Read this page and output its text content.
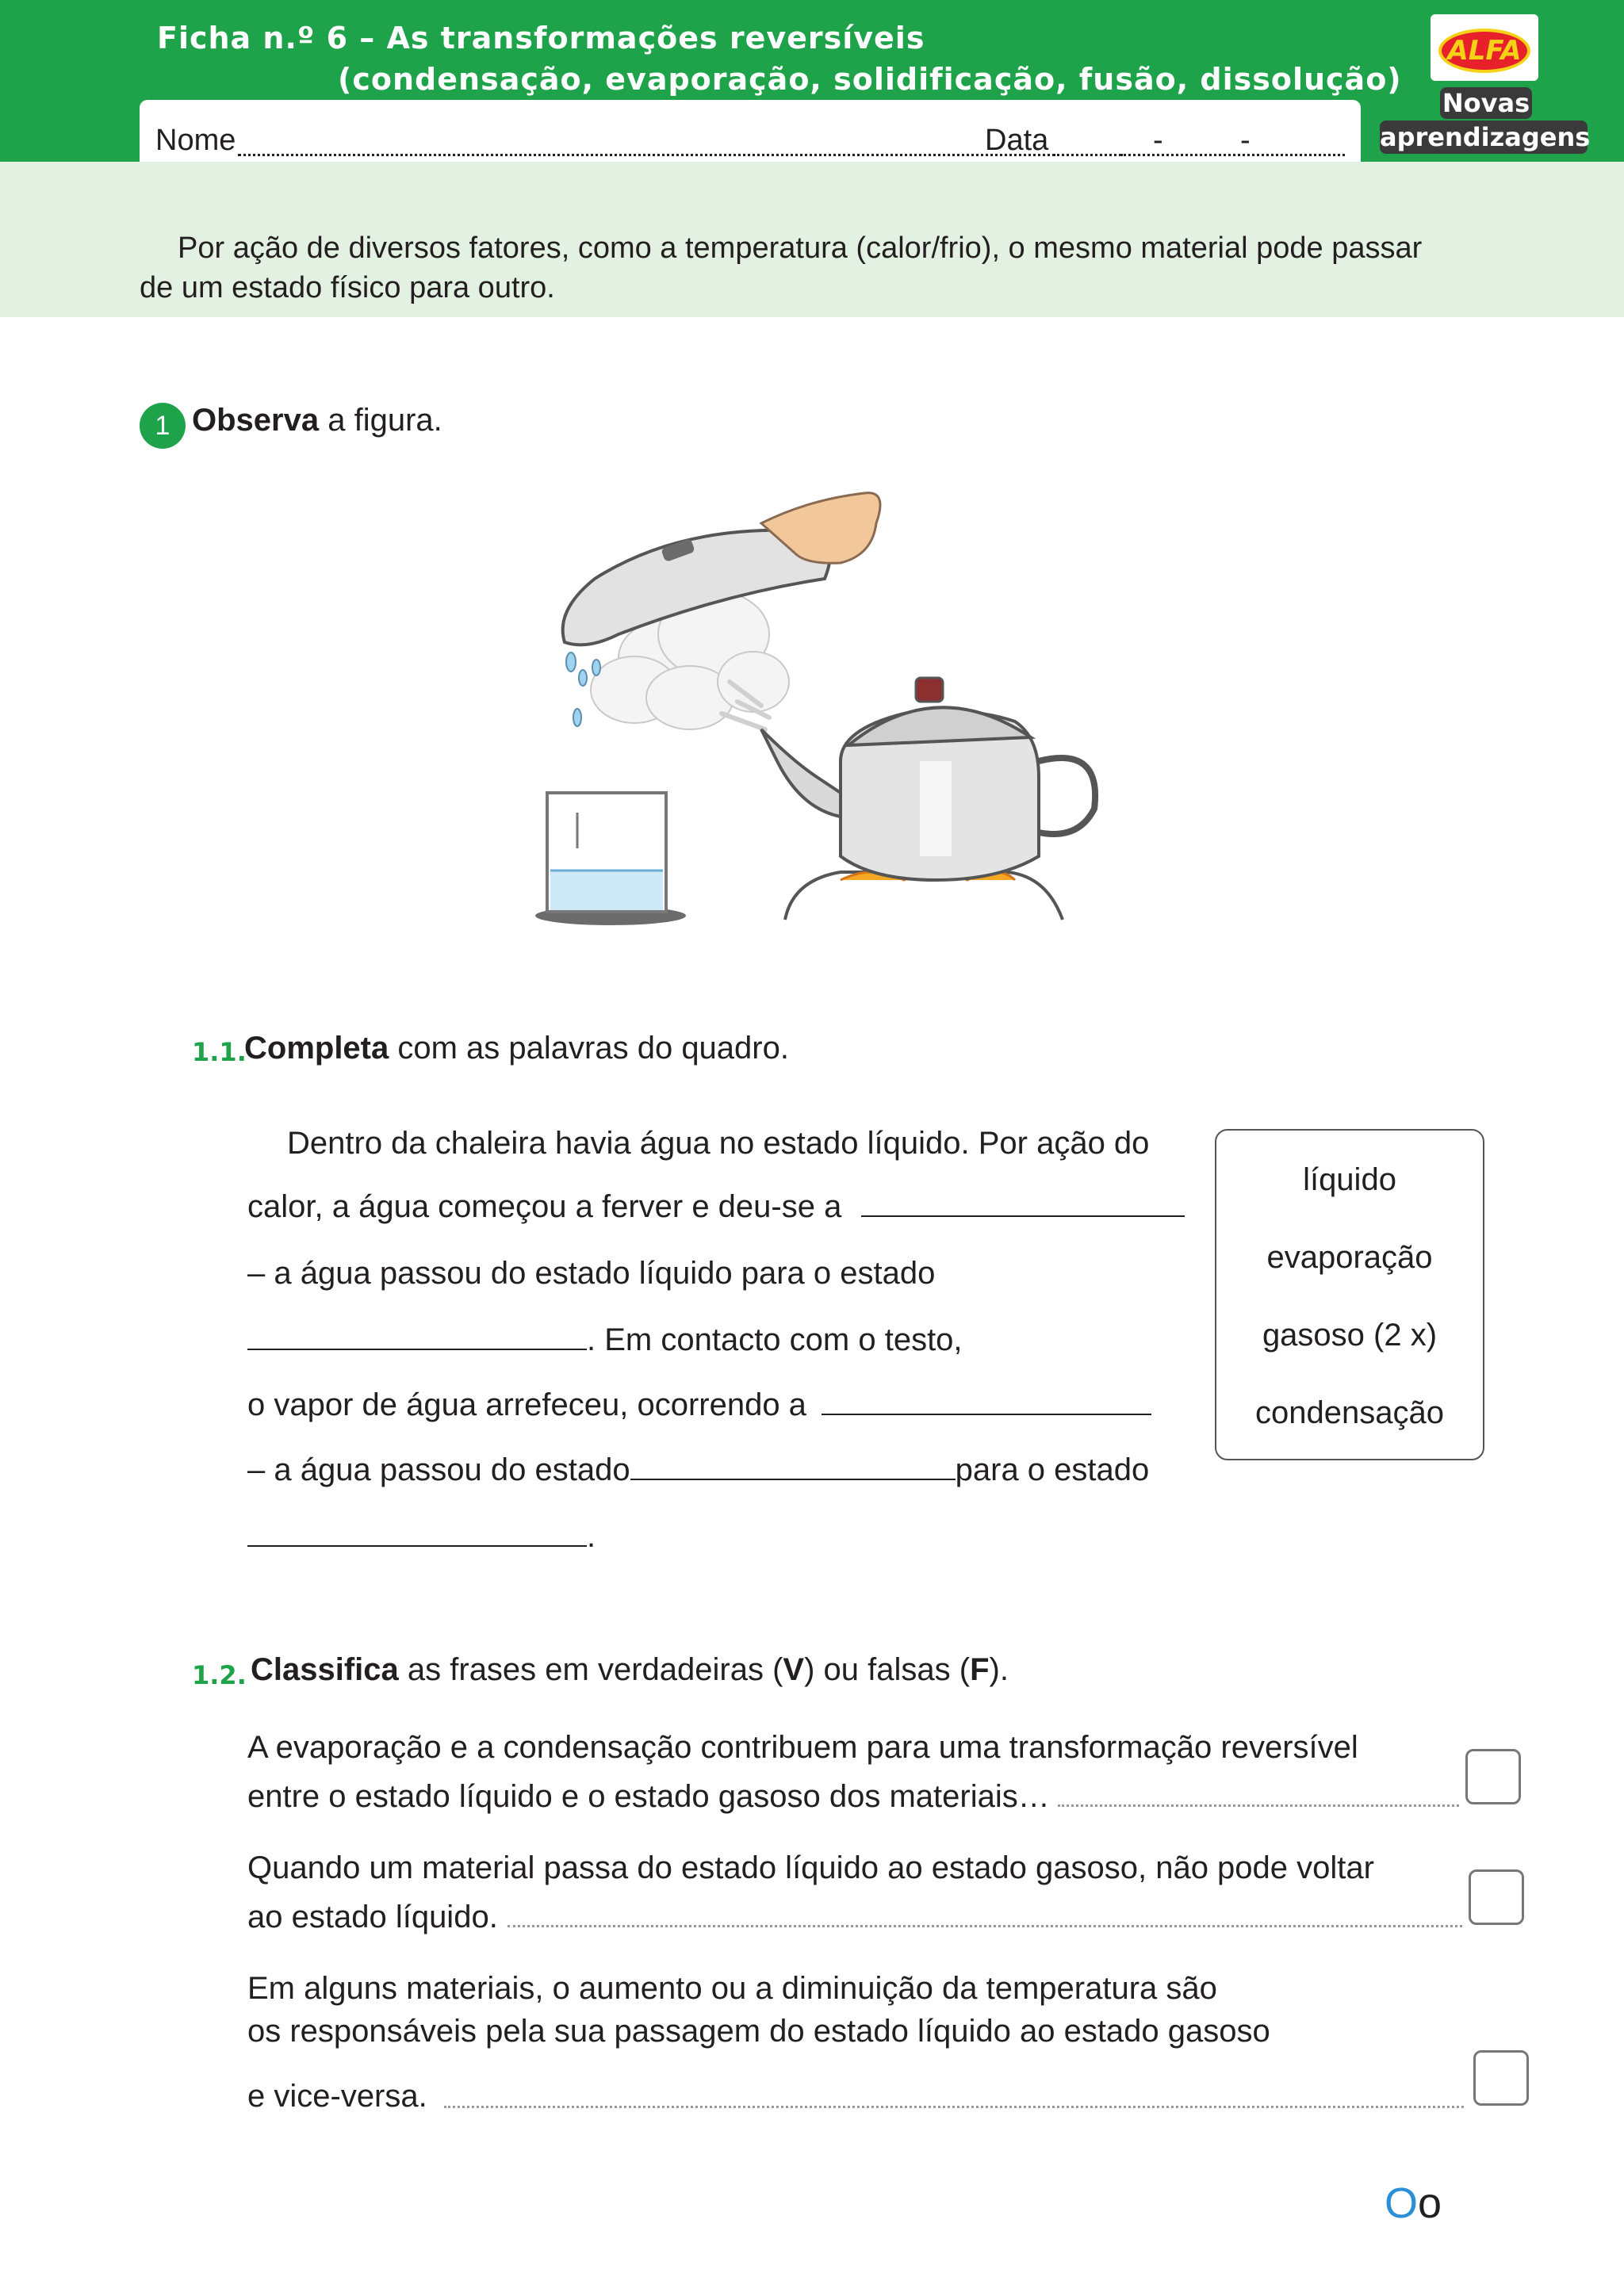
Ficha n.º 6 – As transformações reversíveis
(condensação, evaporação, solidificação, fusão, dissolução)
Nome	Data	-	-
ALFA
Novas
aprendizagens
Por ação de diversos fatores, como a temperatura (calor/frio), o mesmo material pode passar de um estado físico para outro.
1 Observa a figura.
1.1.
Completa com as palavras do quadro.
Dentro da chaleira havia água no estado líquido. Por ação do
calor, a água começou a ferver e deu-se a
– a água passou do estado líquido para o estado
. Em contacto com o testo,
o vapor de água arrefeceu, ocorrendo a
– a água passou do estado	para o estado
.
líquido
evaporação
gasoso (2 x)
condensação
1.2. Classifica as frases em verdadeiras (V) ou falsas (F).
A evaporação e a condensação contribuem para uma transformação reversível
entre o estado líquido e o estado gasoso dos materiais…
Quando um material passa do estado líquido ao estado gasoso, não pode voltar
ao estado líquido.
Em alguns materiais, o aumento ou a diminuição da temperatura são
os responsáveis pela sua passagem do estado líquido ao estado gasoso
e vice-versa.
Oo
